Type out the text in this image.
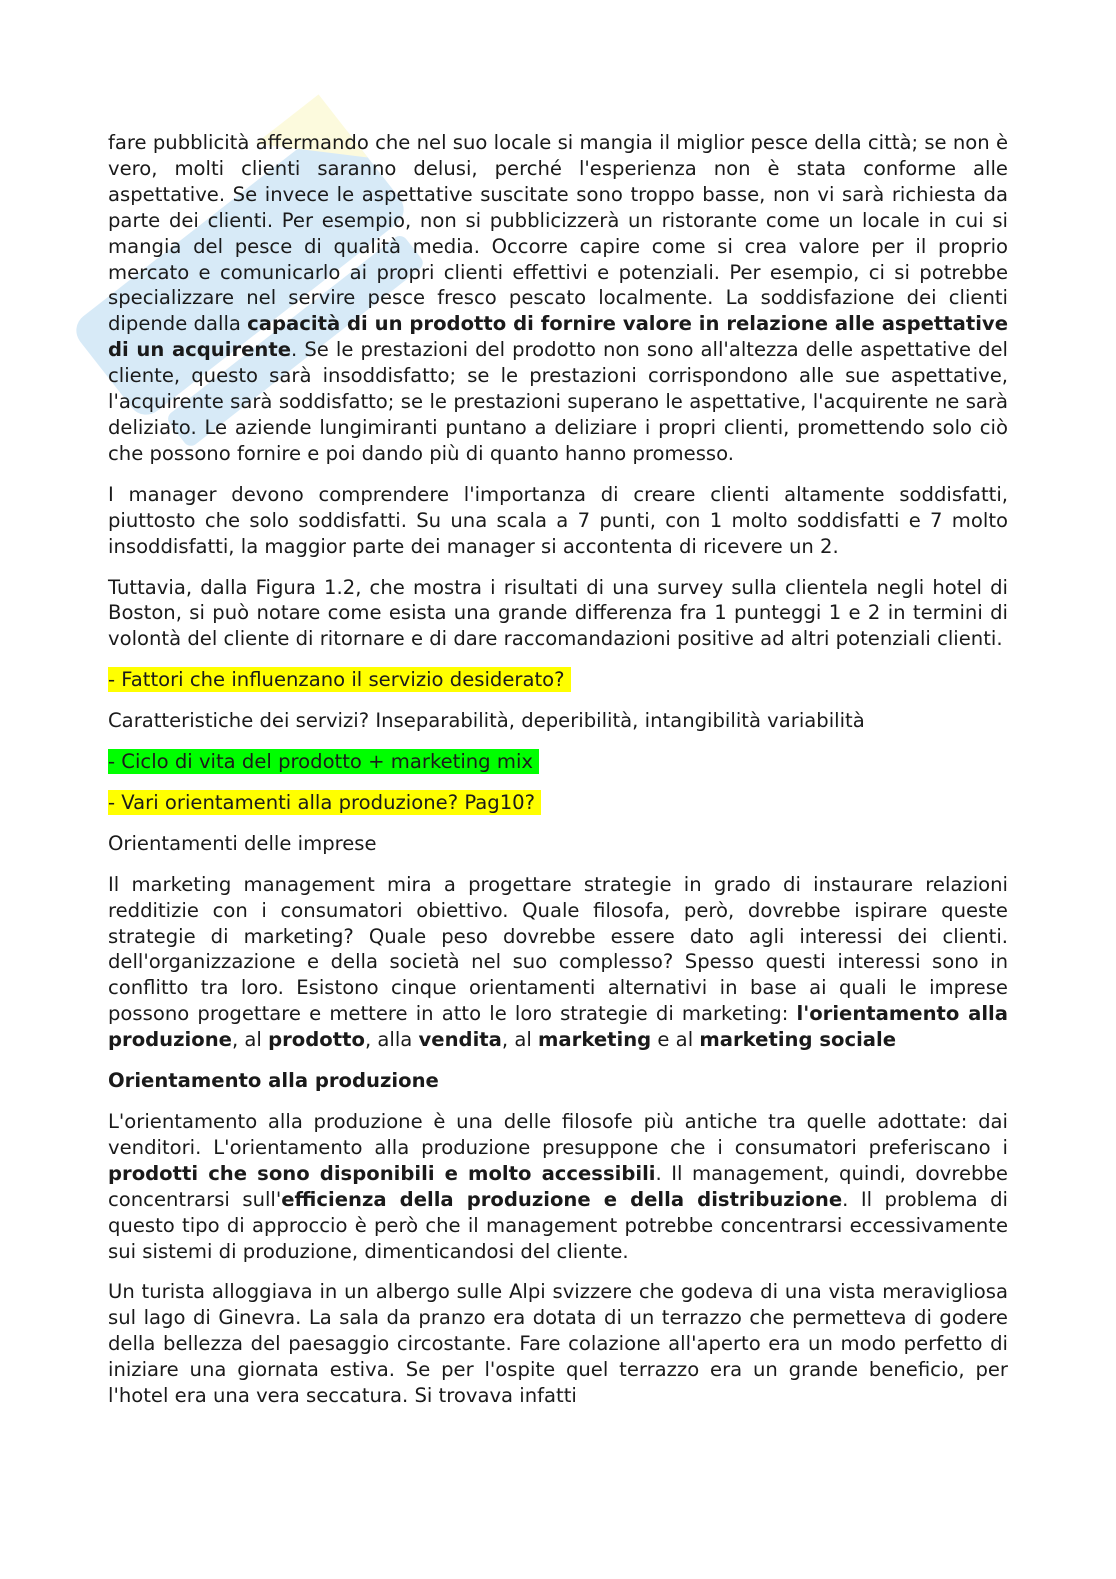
fare pubblicità affermando che nel suo locale si mangia il miglior pesce della città; se non è vero, molti clienti saranno delusi, perché l'esperienza non è stata conforme alle aspettative. Se invece le aspettative suscitate sono troppo basse, non vi sarà richiesta da parte dei clienti. Per esempio, non si pubblicizzerà un ristorante come un locale in cui si mangia del pesce di qualità media. Occorre capire come si crea valore per il proprio mercato e comunicarlo ai propri clienti effettivi e potenziali. Per esempio, ci si potrebbe specializzare nel servire pesce fresco pescato localmente. La soddisfazione dei clienti dipende dalla capacità di un prodotto di fornire valore in relazione alle aspettative di un acquirente. Se le prestazioni del prodotto non sono all'altezza delle aspettative del cliente, questo sarà insoddisfatto; se le prestazioni corrispondono alle sue aspettative, l'acquirente sarà soddisfatto; se le prestazioni superano le aspettative, l'acquirente ne sarà deliziato. Le aziende lungimiranti puntano a deliziare i propri clienti, promettendo solo ciò che possono fornire e poi dando più di quanto hanno promesso.

I manager devono comprendere l'importanza di creare clienti altamente soddisfatti, piuttosto che solo soddisfatti. Su una scala a 7 punti, con 1 molto soddisfatti e 7 molto insoddisfatti, la maggior parte dei manager si accontenta di ricevere un 2.

Tuttavia, dalla Figura 1.2, che mostra i risultati di una survey sulla clientela negli hotel di Boston, si può notare come esista una grande differenza fra 1 punteggi 1 e 2 in termini di volontà del cliente di ritornare e di dare raccomandazioni positive ad altri potenziali clienti.

- Fattori che influenzano il servizio desiderato?

Caratteristiche dei servizi? Inseparabilità, deperibilità, intangibilità variabilità

- Ciclo di vita del prodotto + marketing mix

- Vari orientamenti alla produzione? Pag10?

Orientamenti delle imprese

Il marketing management mira a progettare strategie in grado di instaurare relazioni redditizie con i consumatori obiettivo. Quale filosofa, però, dovrebbe ispirare queste strategie di marketing? Quale peso dovrebbe essere dato agli interessi dei clienti. dell'organizzazione e della società nel suo complesso? Spesso questi interessi sono in conflitto tra loro. Esistono cinque orientamenti alternativi in base ai quali le imprese possono progettare e mettere in atto le loro strategie di marketing: l'orientamento alla produzione, al prodotto, alla vendita, al marketing e al marketing sociale

Orientamento alla produzione

L'orientamento alla produzione è una delle filosofe più antiche tra quelle adottate: dai venditori. L'orientamento alla produzione presuppone che i consumatori preferiscano i prodotti che sono disponibili e molto accessibili. Il management, quindi, dovrebbe concentrarsi sull'efficienza della produzione e della distribuzione. Il problema di questo tipo di approccio è però che il management potrebbe concentrarsi eccessivamente sui sistemi di produzione, dimenticandosi del cliente.

Un turista alloggiava in un albergo sulle Alpi svizzere che godeva di una vista meravigliosa sul lago di Ginevra. La sala da pranzo era dotata di un terrazzo che permetteva di godere della bellezza del paesaggio circostante. Fare colazione all'aperto era un modo perfetto di iniziare una giornata estiva. Se per l'ospite quel terrazzo era un grande beneficio, per l'hotel era una vera seccatura. Si trovava infatti
